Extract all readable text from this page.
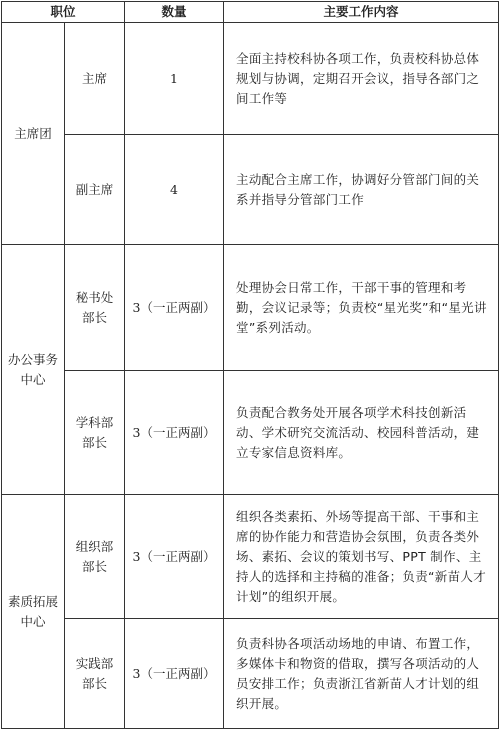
职位		数量	主要工作内容
主席团	主席	1	全面主持校科协各项工作，负责校科协总体规划与协调，定期召开会议，指导各部门之间工作等
	副主席	4	主动配合主席工作，协调好分管部门间的关系并指导分管部门工作
办公事务中心	秘书处部长	3（一正两副）	处理协会日常工作，干部干事的管理和考勤，会议记录等；负责校“星光奖”和“星光讲堂”系列活动。
	学科部部长	3（一正两副）	负责配合教务处开展各项学术科技创新活动、学术研究交流活动、校园科普活动，建立专家信息资料库。
素质拓展中心	组织部部长	3（一正两副）	组织各类素拓、外场等提高干部、干事和主席的协作能力和营造协会氛围，负责各类外场、素拓、会议的策划书写、PPT 制作、主持人的选择和主持稿的准备；负责“新苗人才计划”的组织开展。
	实践部部长	3（一正两副）	负责科协各项活动场地的申请、布置工作，多媒体卡和物资的借取，撰写各项活动的人员安排工作；负责浙江省新苗人才计划的组织开展。
